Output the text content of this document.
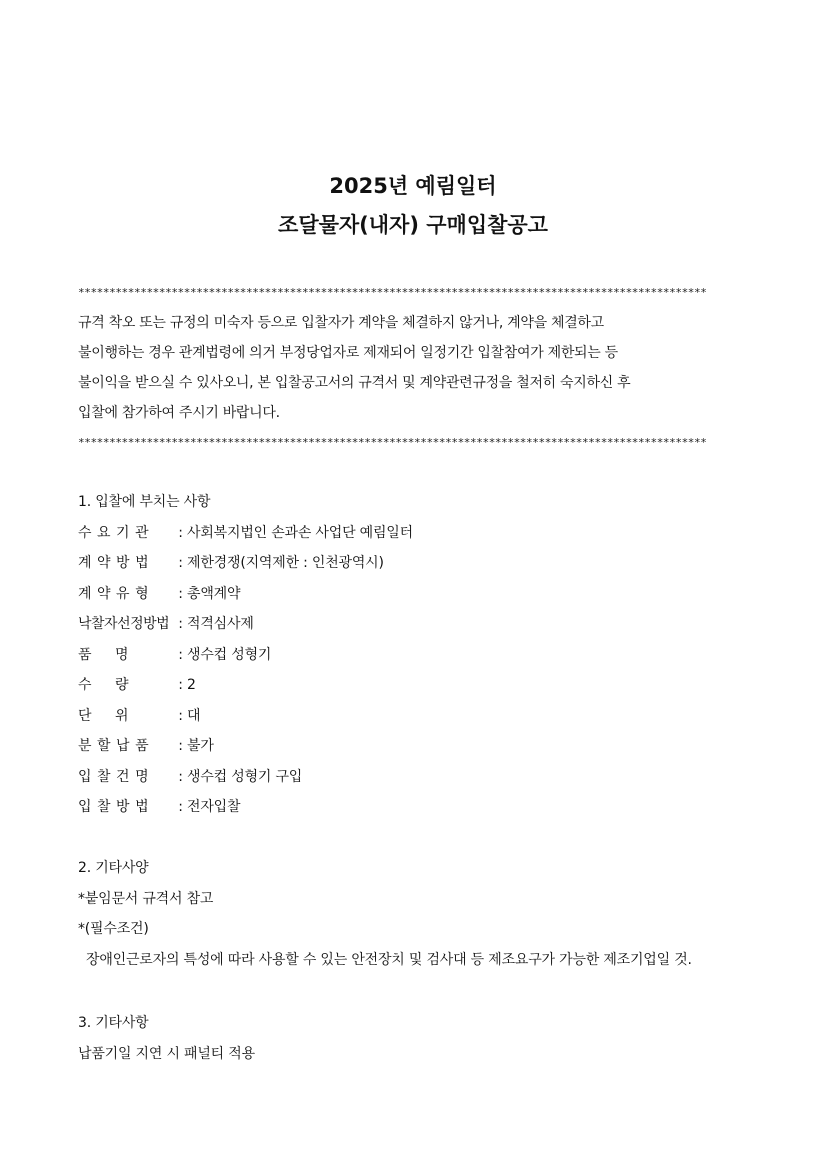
2025년 예림일터
조달물자(내자) 구매입찰공고
*****************************************************************************************************
규격 착오 또는 규정의 미숙자 등으로 입찰자가 계약을 체결하지 않거나, 계약을 체결하고
불이행하는 경우 관계법령에 의거 부정당업자로 제재되어 일정기간 입찰참여가 제한되는 등
불이익을 받으실 수 있사오니, 본 입찰공고서의 규격서 및 계약관련규정을 철저히 숙지하신 후
입찰에 참가하여 주시기 바랍니다.
*****************************************************************************************************
1. 입찰에 부치는 사항
수요기관 : 사회복지법인 손과손 사업단 예림일터
계약방법 : 제한경쟁(지역제한 : 인천광역시)
계약유형 : 총액계약
낙찰자선정방법 : 적격심사제
품 명	: 생수컵 성형기
수 량	: 2
단 위	: 대
분할납품 : 불가
입찰건명 : 생수컵 성형기 구입
입찰방법 : 전자입찰
2. 기타사양
*붙임문서 규격서 참고
*(필수조건)
장애인근로자의 특성에 따라 사용할 수 있는 안전장치 및 검사대 등 제조요구가 가능한 제조기업일 것.
3. 기타사항
납품기일 지연 시 패널티 적용
